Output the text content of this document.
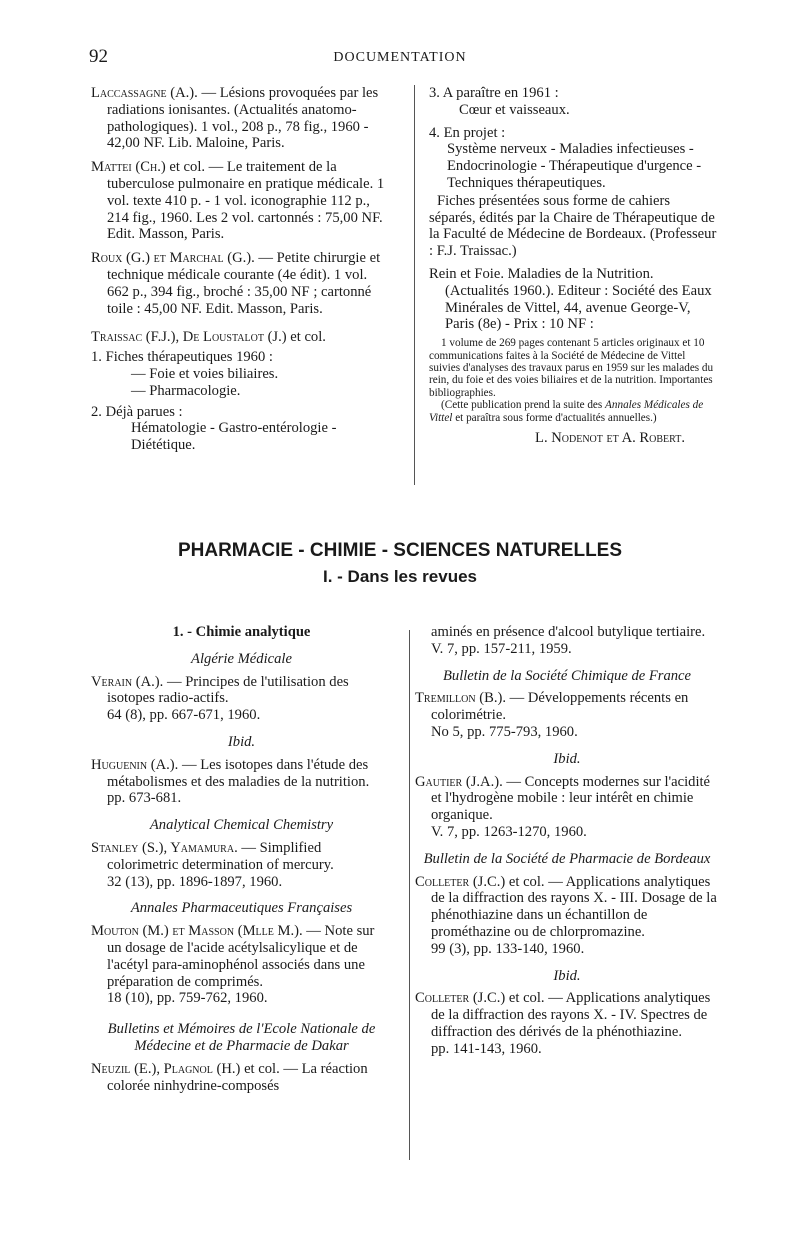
92	DOCUMENTATION
Laccassagne (A.). — Lésions provoquées par les radiations ionisantes. (Actualités anatomo-pathologiques). 1 vol., 208 p., 78 fig., 1960 - 42,00 NF. Lib. Maloine, Paris.
Mattei (Ch.) et col. — Le traitement de la tuberculose pulmonaire en pratique médicale. 1 vol. texte 410 p. - 1 vol. iconographie 112 p., 214 fig., 1960. Les 2 vol. cartonnés : 75,00 NF. Edit. Masson, Paris.
Roux (G.) et Marchal (G.). — Petite chirurgie et technique médicale courante (4e édit). 1 vol. 662 p., 394 fig., broché : 35,00 NF ; cartonné toile : 45,00 NF. Edit. Masson, Paris.
Traissac (F.J.), De Loustalot (J.) et col.
1. Fiches thérapeutiques 1960 :
— Foie et voies biliaires.
— Pharmacologie.
2. Déjà parues :
Hématologie - Gastro-entérologie - Diététique.
3. A paraître en 1961 :
Cœur et vaisseaux.
4. En projet :
Système nerveux - Maladies infectieuses - Endocrinologie - Thérapeutique d'urgence - Techniques thérapeutiques.
Fiches présentées sous forme de cahiers séparés, édités par la Chaire de Thérapeutique de la Faculté de Médecine de Bordeaux. (Professeur : F.J. Traissac.)
Rein et Foie. Maladies de la Nutrition. (Actualités 1960.). Editeur : Société des Eaux Minérales de Vittel, 44, avenue George-V, Paris (8e) - Prix : 10 NF :
1 volume de 269 pages contenant 5 articles originaux et 10 communications faites à la Société de Médecine de Vittel suivies d'analyses des travaux parus en 1959 sur les malades du rein, du foie et des voies biliaires et de la nutrition. Importantes bibliographies.
(Cette publication prend la suite des Annales Médicales de Vittel et paraîtra sous forme d'actualités annuelles.)
L. Nodenot et A. Robert.
PHARMACIE - CHIMIE - SCIENCES NATURELLES
I. - Dans les revues
1. - Chimie analytique
Algérie Médicale
Verain (A.). — Principes de l'utilisation des isotopes radio-actifs.
64 (8), pp. 667-671, 1960.
Ibid.
Huguenin (A.). — Les isotopes dans l'étude des métabolismes et des maladies de la nutrition.
pp. 673-681.
Analytical Chemical Chemistry
Stanley (S.), Yamamura. — Simplified colorimetric determination of mercury.
32 (13), pp. 1896-1897, 1960.
Annales Pharmaceutiques Françaises
Mouton (M.) et Masson (Mlle M.). — Note sur un dosage de l'acide acétylsalicylique et de l'acétyl para-aminophénol associés dans une préparation de comprimés.
18 (10), pp. 759-762, 1960.
Bulletins et Mémoires de l'Ecole Nationale de Médecine et de Pharmacie de Dakar
Neuzil (E.), Plagnol (H.) et col. — La réaction colorée ninhydrine-composés
aminés en présence d'alcool butylique tertiaire.
V. 7, pp. 157-211, 1959.
Bulletin de la Société Chimique de France
Tremillon (B.). — Développements récents en colorimétrie.
No 5, pp. 775-793, 1960.
Ibid.
Gautier (J.A.). — Concepts modernes sur l'acidité et l'hydrogène mobile : leur intérêt en chimie organique.
V. 7, pp. 1263-1270, 1960.
Bulletin de la Société de Pharmacie de Bordeaux
Colleter (J.C.) et col. — Applications analytiques de la diffraction des rayons X. - III. Dosage de la phénothiazine dans un échantillon de prométhazine ou de chlorpromazine.
99 (3), pp. 133-140, 1960.
Ibid.
Colleter (J.C.) et col. — Applications analytiques de la diffraction des rayons X. - IV. Spectres de diffraction des dérivés de la phénothiazine.
pp. 141-143, 1960.
